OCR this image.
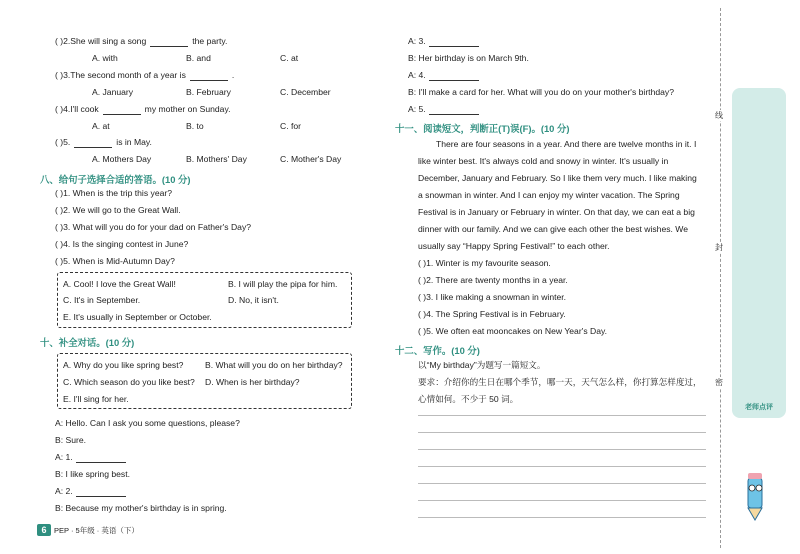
( )2.She will sing a song	the party.
A. with	B. and	C. at
( )3.The second month of a year is	.
A. January	B. February	C. December
( )4.I'll cook	my mother on Sunday.
A. at	B. to	C. for
( )5.	is in May.
A. Mothers Day	B. Mothers' Day	C. Mother's Day
八、给句子选择合适的答语。(10 分)
( )1. When is the trip this year?
( )2. We will go to the Great Wall.
( )3. What will you do for your dad on Father's Day?
( )4. Is the singing contest in June?
( )5. When is Mid-Autumn Day?
A. Cool! I love the Great Wall!	B. I will play the pipa for him.
C. It's in September.	D. No, it isn't.
E. It's usually in September or October.
十、补全对话。(10 分)
A. Why do you like spring best?	B. What will you do on her birthday?
C. Which season do you like best? D. When is her birthday?
E. I'll sing for her.
A: Hello. Can I ask you some questions, please?
B: Sure.
A: 1.
B: I like spring best.
A: 2.
B: Because my mother's birthday is in spring.
6 PEP · 5年级 · 英语（下）
A: 3.
B: Her birthday is on March 9th.
A: 4.
B: I'll make a card for her. What will you do on your mother's birthday?
A: 5.
十一、阅读短文，判断正(T)误(F)。(10 分)
There are four seasons in a year. And there are twelve months in it. I
like winter best. It's always cold and snowy in winter. It's usually in
December, January and February. So I like them very much. I like making
a snowman in winter. And I can enjoy my winter vacation. The Spring
Festival is in January or February in winter. On that day, we can eat a big
dinner with our family. And we can give each other the best wishes. We
usually say “Happy Spring Festival!” to each other.
( )1. Winter is my favourite season.
( )2. There are twenty months in a year.
( )3. I like making a snowman in winter.
( )4. The Spring Festival is in February.
( )5. We often eat mooncakes on New Year's Day.
十二、写作。(10 分)
以“My birthday”为题写一篇短文。
要求：介绍你的生日在哪个季节，哪一天，天气怎么样，你打算怎样度过，
心情如何。不少于 50 词。
线
封
密
老师点评
